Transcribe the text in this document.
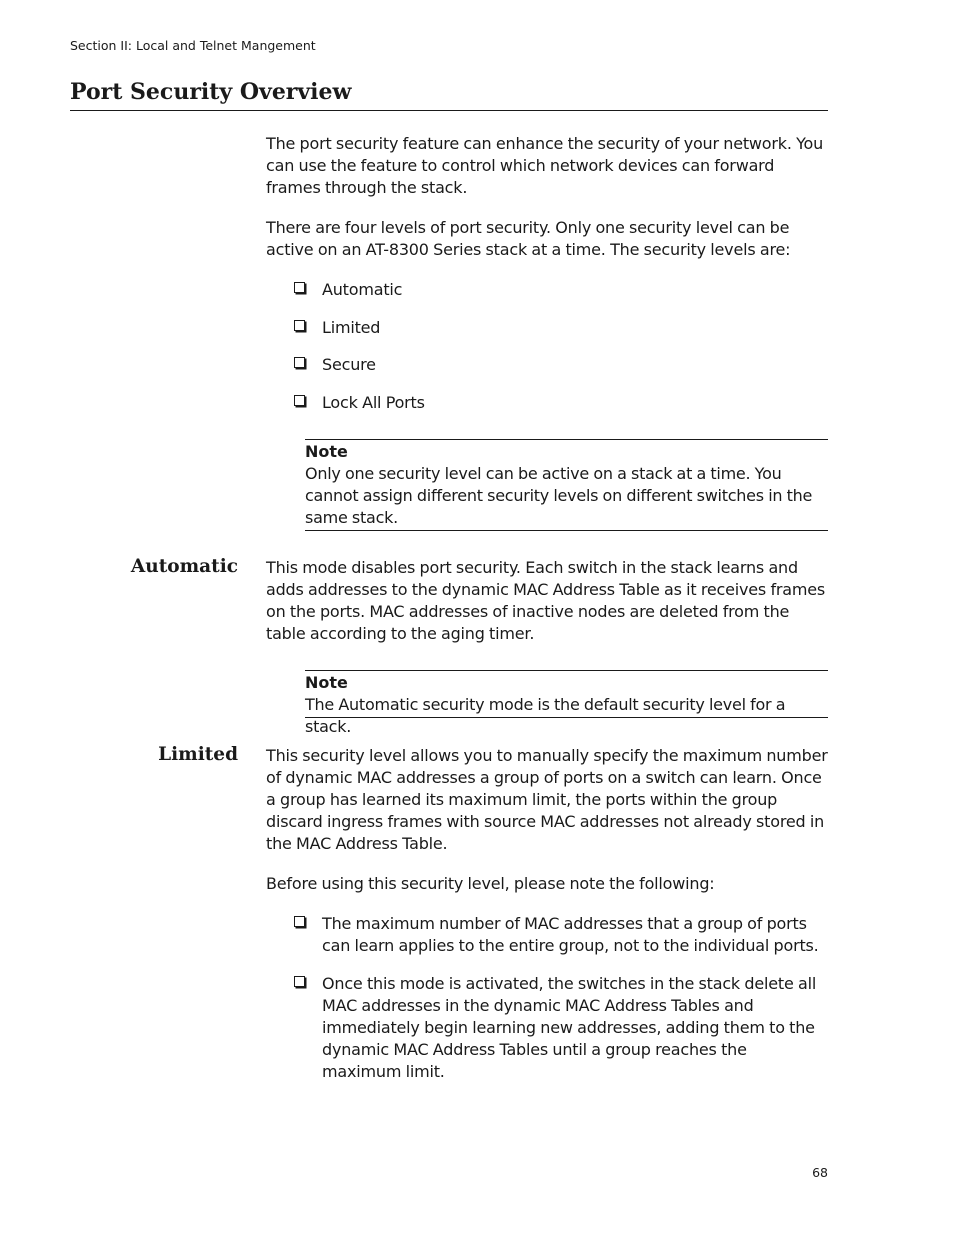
Section II: Local and Telnet Mangement
Port Security Overview

The port security feature can enhance the security of your network. You can use the feature to control which network devices can forward frames through the stack.

There are four levels of port security. Only one security level can be active on an AT-8300 Series stack at a time. The security levels are:

Automatic
Limited
Secure
Lock All Ports
Note
Only one security level can be active on a stack at a time. You cannot assign different security levels on different switches in the same stack.
Automatic This mode disables port security. Each switch in the stack learns and adds addresses to the dynamic MAC Address Table as it receives frames on the ports. MAC addresses of inactive nodes are deleted from the table according to the aging timer.

Note
The Automatic security mode is the default security level for a stack.
Limited This security level allows you to manually specify the maximum number of dynamic MAC addresses a group of ports on a switch can learn. Once a group has learned its maximum limit, the ports within the group discard ingress frames with source MAC addresses not already stored in the MAC Address Table.

Before using this security level, please note the following:

The maximum number of MAC addresses that a group of ports can learn applies to the entire group, not to the individual ports.
Once this mode is activated, the switches in the stack delete all MAC addresses in the dynamic MAC Address Tables and immediately begin learning new addresses, adding them to the dynamic MAC Address Tables until a group reaches the maximum limit.
68
